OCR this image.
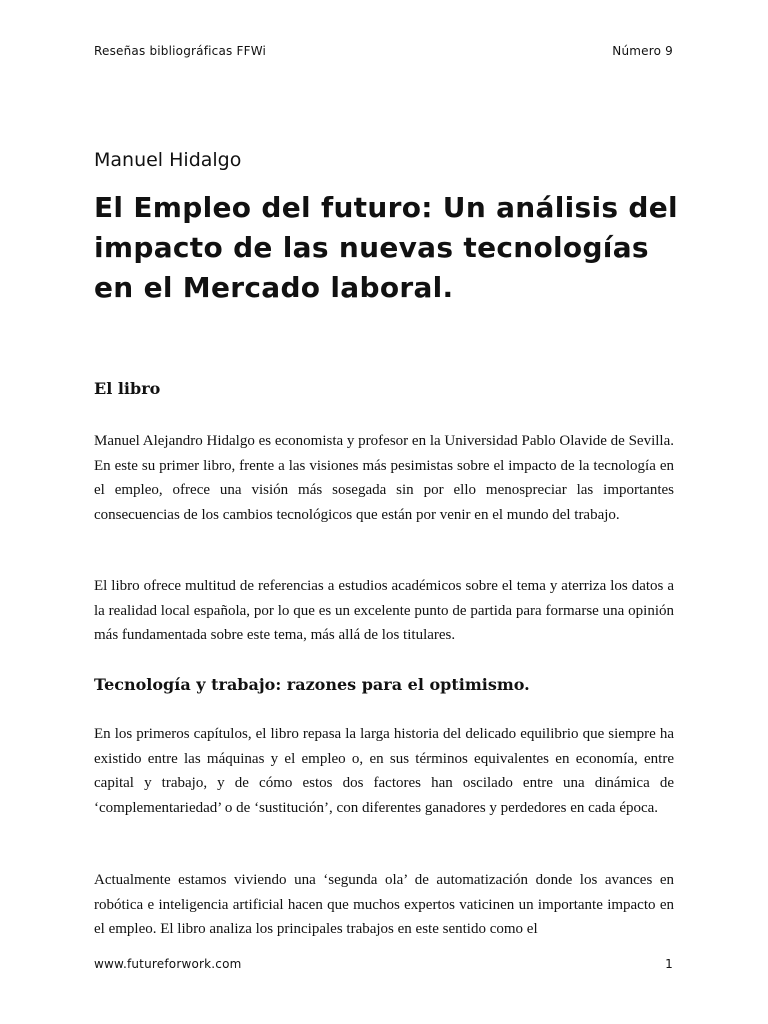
Reseñas bibliográficas FFWi	Número 9
Manuel Hidalgo
El Empleo del futuro: Un análisis del impacto de las nuevas tecnologías en el Mercado laboral.
El libro

Manuel Alejandro Hidalgo es economista y profesor en la Universidad Pablo Olavide de Sevilla. En este su primer libro, frente a las visiones más pesimistas sobre el impacto de la tecnología en el empleo, ofrece una visión más sosegada sin por ello menospreciar las importantes consecuencias de los cambios tecnológicos que están por venir en el mundo del trabajo.

El libro ofrece multitud de referencias a estudios académicos sobre el tema y aterriza los datos a la realidad local española, por lo que es un excelente punto de partida para formarse una opinión más fundamentada sobre este tema, más allá de los titulares.

Tecnología y trabajo: razones para el optimismo.

En los primeros capítulos, el libro repasa la larga historia del delicado equilibrio que siempre ha existido entre las máquinas y el empleo o, en sus términos equivalentes en economía, entre capital y trabajo, y de cómo estos dos factores han oscilado entre una dinámica de ‘complementariedad’ o de ‘sustitución’, con diferentes ganadores y perdedores en cada época.

Actualmente estamos viviendo una ‘segunda ola’ de automatización donde los avances en robótica e inteligencia artificial hacen que muchos expertos vaticinen un importante impacto en el empleo. El libro analiza los principales trabajos en este sentido como el

www.futureforwork.com	1
